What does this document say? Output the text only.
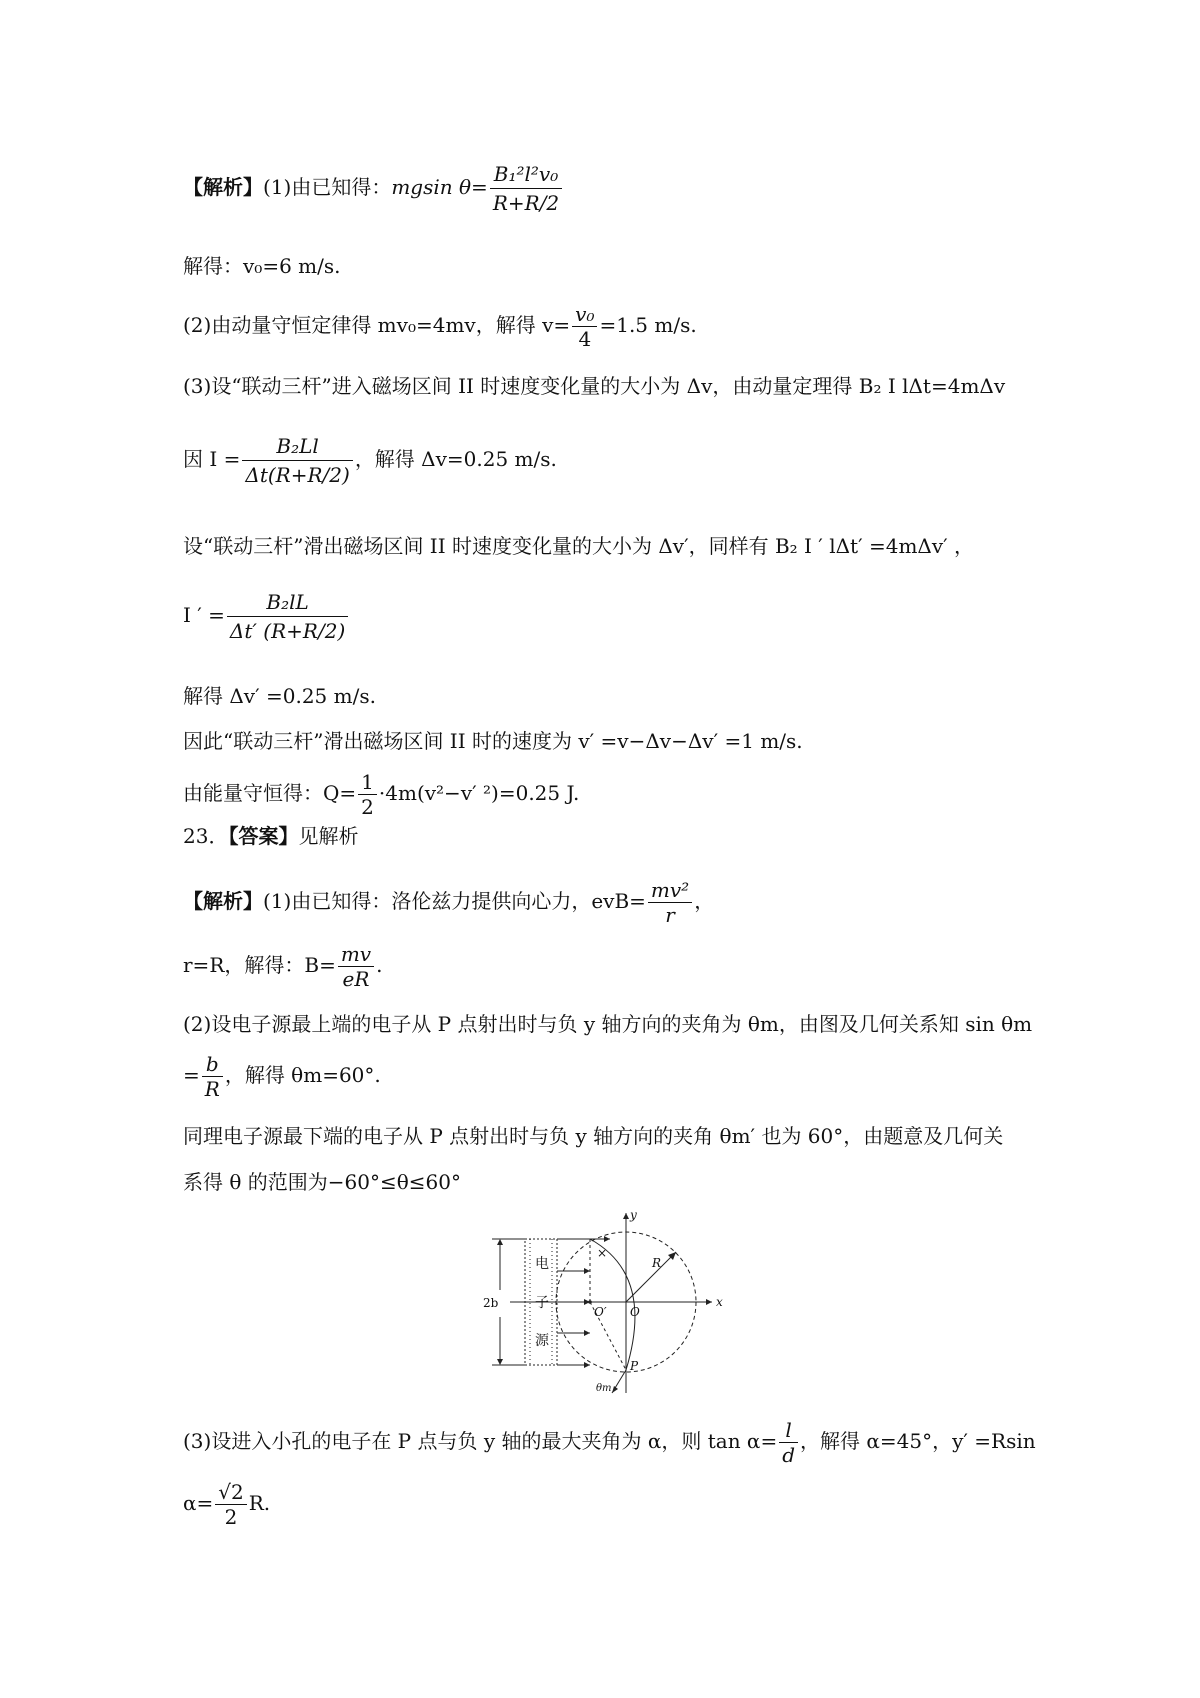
【解析】(1)由已知得：mgsin $\theta= \frac{\text{B₁²l²v₀}}{R+R/2}$
解得：v₀=6 m/s.
(2)由动量守恒定律得 mv₀=4mv，解得 $v= \frac{\text{v₀}}{4} =1.5$ m/s.
(3)设“联动三杆”进入磁场区间 II 时速度变化量的大小为 Δv，由动量定理得 B₂ I lΔt=4mΔv
因 $I = \frac{\text{B₂Ll}}{\Delta t(R+R/2)}$ ，解得 Δv=0.25 m/s.
设“联动三杆”滑出磁场区间 II 时速度变化量的大小为 Δv′，同样有 B₂ I ′ lΔt′ =4mΔv′ ，
I ′ = $\frac{\text{B₂lL}}{\Delta t' (R+R/2)}$
解得 Δv′ =0.25 m/s.
因此“联动三杆”滑出磁场区间 II 时的速度为 v′ =v−Δv−Δv′ =1 m/s.
由能量守恒得：$Q= \frac{1}{2} \cdot 4m(v^2-v'$ ²)=0.25 J.
23．【答案】见解析
【解析】(1)由已知得：洛伦兹力提供向心力，$evB= \frac{\text{mv²}}{r}$ ，
r=R，解得：$B= \frac{mv}{eR}$ .
(2)设电子源最上端的电子从 P 点射出时与负 y 轴方向的夹角为 θm，由图及几何关系知 sin θm
= $\frac{b}{R}$ ，解得 θm=60°.
同理电子源最下端的电子从 P 点射出时与负 y 轴方向的夹角 θm′ 也为 60°，由题意及几何关
系得 θ 的范围为−60°≤θ≤60°
y
x
R
O
O′
P
2b
×
θm
电
子
源
(3)设进入小孔的电子在 P 点与负 y 轴的最大夹角为 α，则 $\tan \alpha= \frac{l}{d}$ ，解得 α=45°，y′ =Rsin
$\alpha= \frac{√2}{2} R$.
